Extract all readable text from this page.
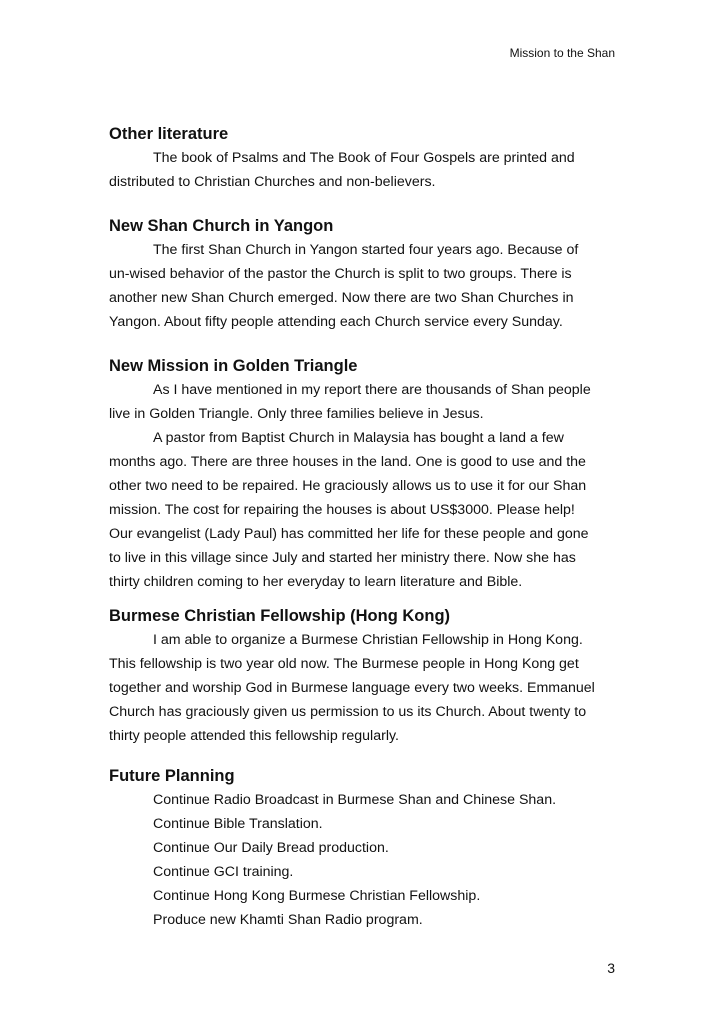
Mission to the Shan
Other literature

The book of Psalms and The Book of Four Gospels are printed and
distributed to Christian Churches and non-believers.

New Shan Church in Yangon

The first Shan Church in Yangon started four years ago. Because of
un-wised behavior of the pastor the Church is split to two groups. There is
another new Shan Church emerged. Now there are two Shan Churches in
Yangon. About fifty people attending each Church service every Sunday.

New Mission in Golden Triangle

As I have mentioned in my report there are thousands of Shan people
live in Golden Triangle. Only three families believe in Jesus.

A pastor from Baptist Church in Malaysia has bought a land a few
months ago. There are three houses in the land. One is good to use and the
other two need to be repaired. He graciously allows us to use it for our Shan
mission. The cost for repairing the houses is about US$3000. Please help!
Our evangelist (Lady Paul) has committed her life for these people and gone
to live in this village since July and started her ministry there. Now she has
thirty children coming to her everyday to learn literature and Bible.

Burmese Christian Fellowship (Hong Kong)

I am able to organize a Burmese Christian Fellowship in Hong Kong.
This fellowship is two year old now. The Burmese people in Hong Kong get
together and worship God in Burmese language every two weeks. Emmanuel
Church has graciously given us permission to us its Church. About twenty to
thirty people attended this fellowship regularly.

Future Planning
Continue Radio Broadcast in Burmese Shan and Chinese Shan.
Continue Bible Translation.
Continue Our Daily Bread production.
Continue GCI training.
Continue Hong Kong Burmese Christian Fellowship.
Produce new Khamti Shan Radio program.
3
